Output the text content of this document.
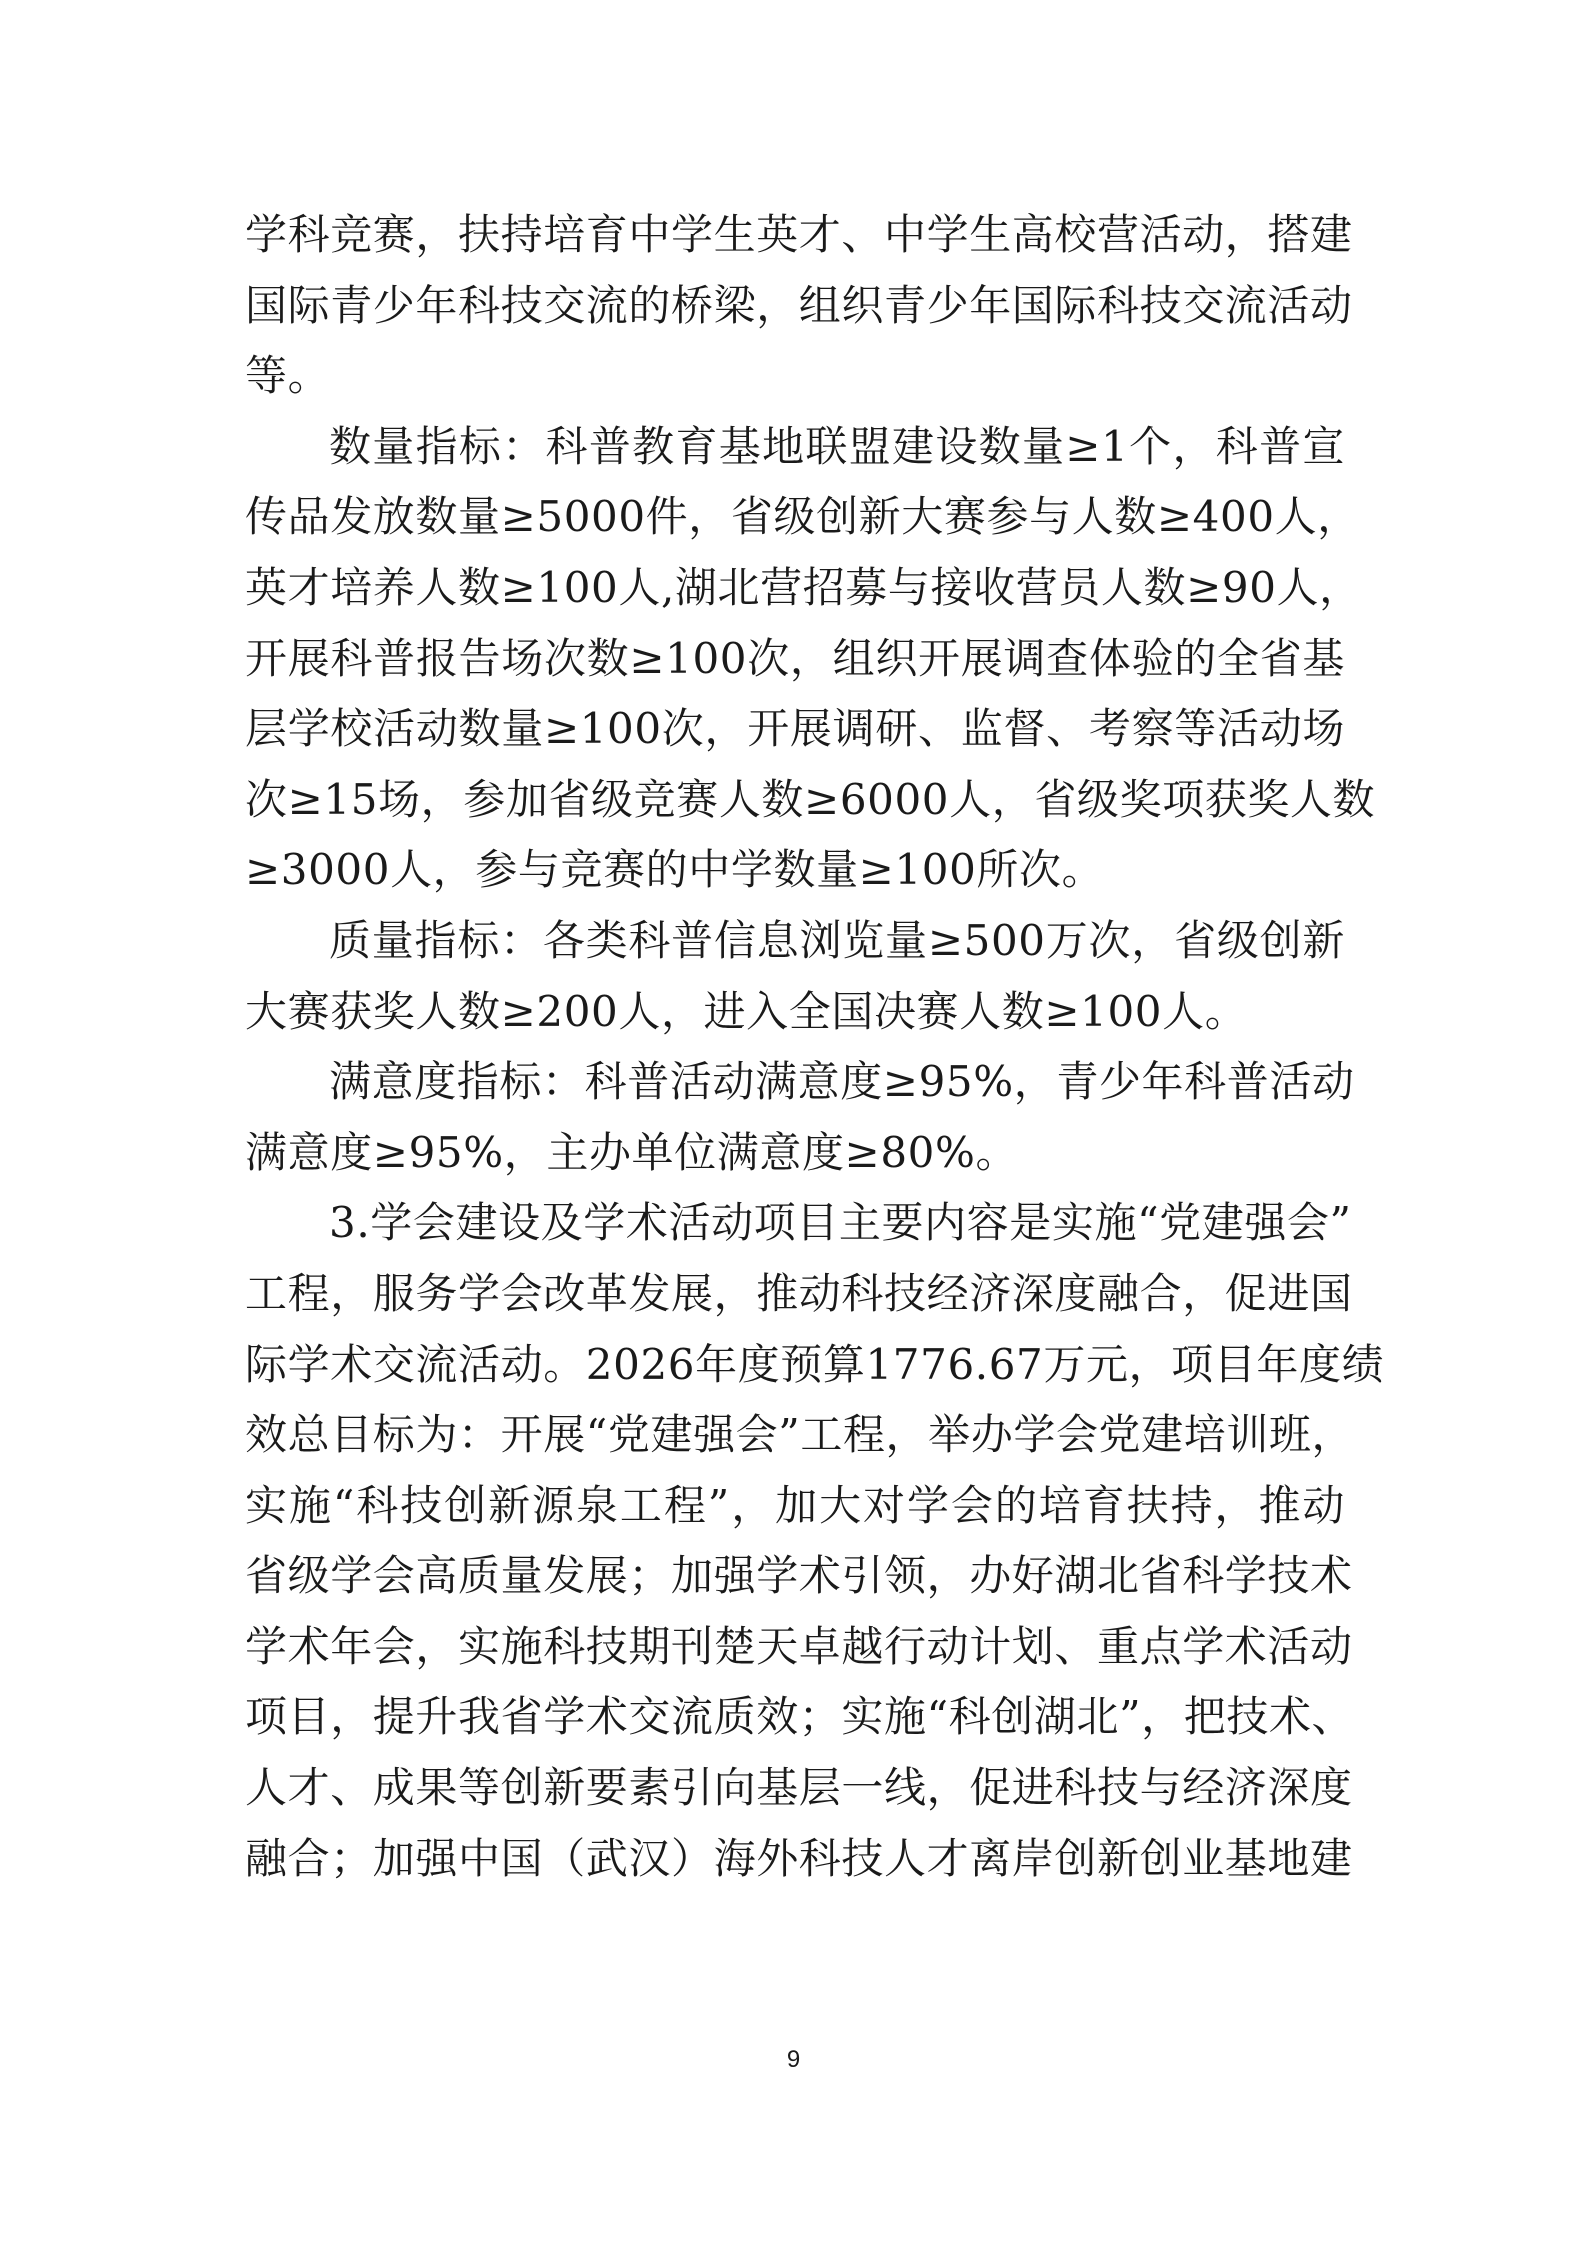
学科竞赛，扶持培育中学生英才、中学生高校营活动，搭建
国际青少年科技交流的桥梁，组织青少年国际科技交流活动
等。
数量指标：科普教育基地联盟建设数量≥1个，科普宣
传品发放数量≥5000件，省级创新大赛参与人数≥400人，
英才培养人数≥100人,湖北营招募与接收营员人数≥90人，
开展科普报告场次数≥100次，组织开展调查体验的全省基
层学校活动数量≥100次，开展调研、监督、考察等活动场
次≥15场，参加省级竞赛人数≥6000人，省级奖项获奖人数
≥3000人，参与竞赛的中学数量≥100所次。
质量指标：各类科普信息浏览量≥500万次，省级创新
大赛获奖人数≥200人，进入全国决赛人数≥100人。
满意度指标：科普活动满意度≥95%，青少年科普活动
满意度≥95%，主办单位满意度≥80%。
3.学会建设及学术活动项目主要内容是实施“党建强会”
工程，服务学会改革发展，推动科技经济深度融合，促进国
际学术交流活动。2026年度预算1776.67万元，项目年度绩
效总目标为：开展“党建强会”工程，举办学会党建培训班，
实施“科技创新源泉工程”，加大对学会的培育扶持，推动
省级学会高质量发展；加强学术引领，办好湖北省科学技术
学术年会，实施科技期刊楚天卓越行动计划、重点学术活动
项目，提升我省学术交流质效；实施“科创湖北”，把技术、
人才、成果等创新要素引向基层一线，促进科技与经济深度
融合；加强中国（武汉）海外科技人才离岸创新创业基地建
9
